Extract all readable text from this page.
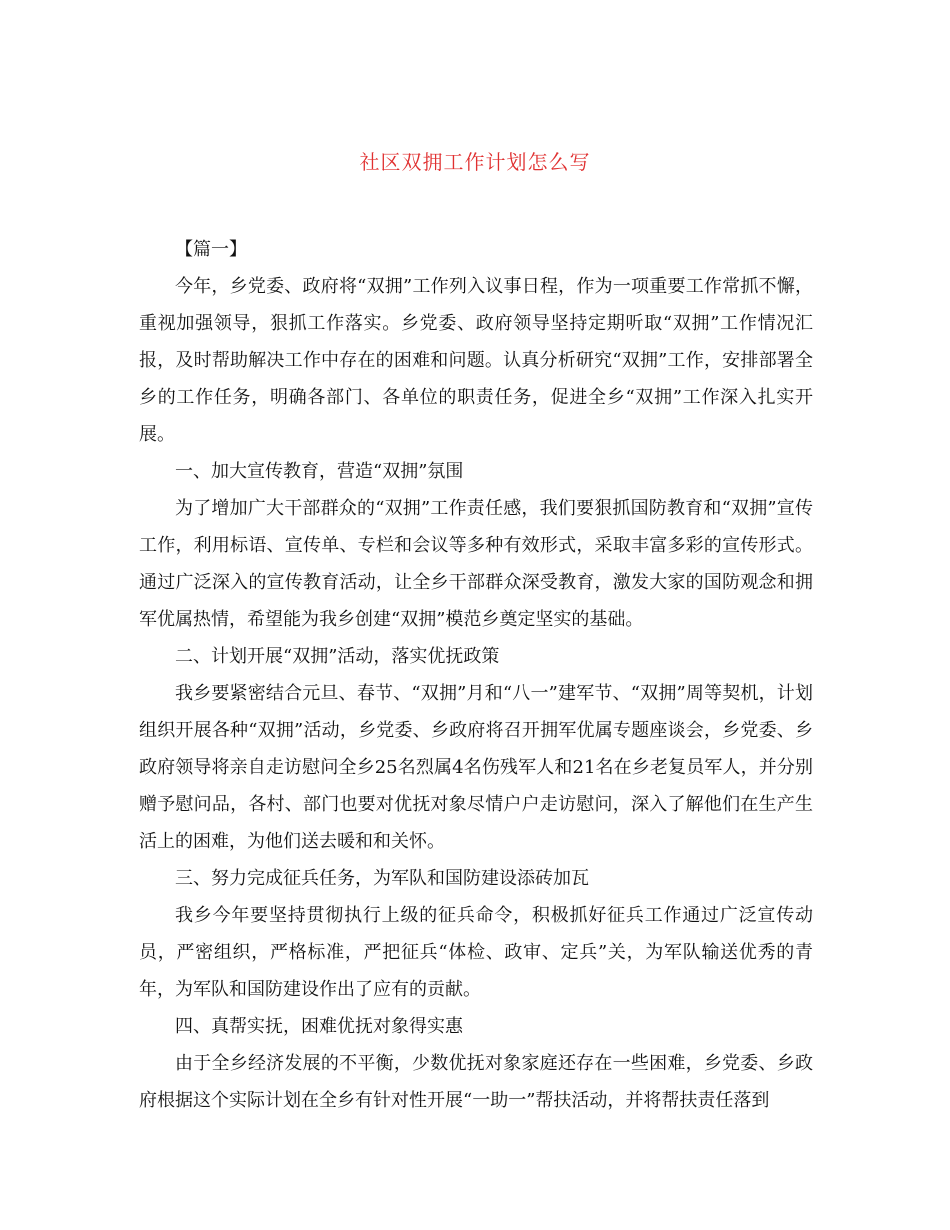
社区双拥工作计划怎么写

【篇一】

今年，乡党委、政府将“双拥”工作列入议事日程，作为一项重要工作常抓不懈，重视加强领导，狠抓工作落实。乡党委、政府领导坚持定期听取“双拥”工作情况汇报，及时帮助解决工作中存在的困难和问题。认真分析研究“双拥”工作，安排部署全乡的工作任务，明确各部门、各单位的职责任务，促进全乡“双拥”工作深入扎实开展。

一、加大宣传教育，营造“双拥”氛围

为了增加广大干部群众的“双拥”工作责任感，我们要狠抓国防教育和“双拥”宣传工作，利用标语、宣传单、专栏和会议等多种有效形式，采取丰富多彩的宣传形式。通过广泛深入的宣传教育活动，让全乡干部群众深受教育，激发大家的国防观念和拥军优属热情，希望能为我乡创建“双拥”模范乡奠定坚实的基础。

二、计划开展“双拥”活动，落实优抚政策

我乡要紧密结合元旦、春节、“双拥”月和“八一”建军节、“双拥”周等契机，计划组织开展各种“双拥”活动，乡党委、乡政府将召开拥军优属专题座谈会，乡党委、乡政府领导将亲自走访慰问全乡25名烈属4名伤残军人和21名在乡老复员军人，并分别赠予慰问品，各村、部门也要对优抚对象尽情户户走访慰问，深入了解他们在生产生活上的困难，为他们送去暖和和关怀。

三、努力完成征兵任务，为军队和国防建设添砖加瓦

我乡今年要坚持贯彻执行上级的征兵命令，积极抓好征兵工作通过广泛宣传动员，严密组织，严格标准，严把征兵“体检、政审、定兵”关，为军队输送优秀的青年，为军队和国防建设作出了应有的贡献。

四、真帮实抚，困难优抚对象得实惠

由于全乡经济发展的不平衡，少数优抚对象家庭还存在一些困难，乡党委、乡政府根据这个实际计划在全乡有针对性开展“一助一”帮扶活动，并将帮扶责任落到
